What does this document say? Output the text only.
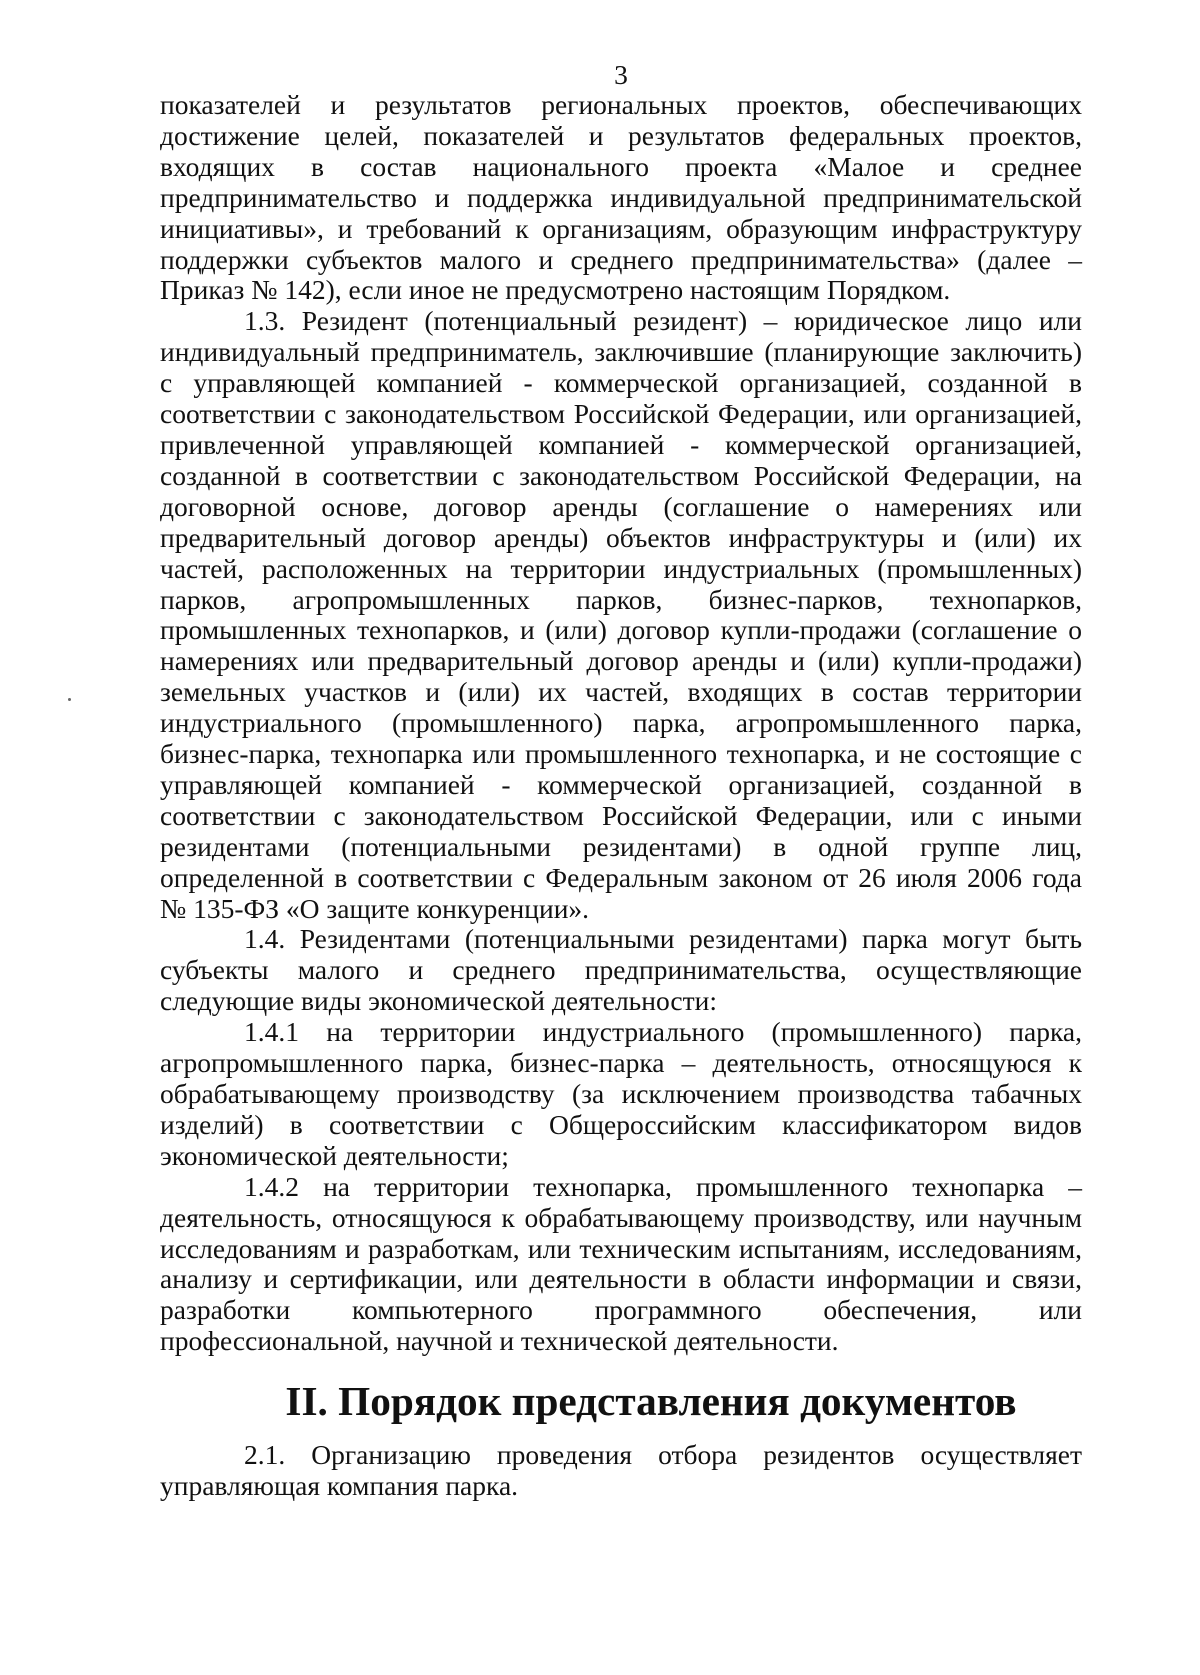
3

показателей и результатов региональных проектов, обеспечивающих достижение целей, показателей и результатов федеральных проектов, входящих в состав национального проекта «Малое и среднее предпринимательство и поддержка индивидуальной предпринимательской инициативы», и требований к организациям, образующим инфраструктуру поддержки субъектов малого и среднего предпринимательства» (далее – Приказ № 142), если иное не предусмотрено настоящим Порядком.

1.3. Резидент (потенциальный резидент) – юридическое лицо или индивидуальный предприниматель, заключившие (планирующие заключить) с управляющей компанией - коммерческой организацией, созданной в соответствии с законодательством Российской Федерации, или организацией, привлеченной управляющей компанией - коммерческой организацией, созданной в соответствии с законодательством Российской Федерации, на договорной основе, договор аренды (соглашение о намерениях или предварительный договор аренды) объектов инфраструктуры и (или) их частей, расположенных на территории индустриальных (промышленных) парков, агропромышленных парков, бизнес-парков, технопарков, промышленных технопарков, и (или) договор купли-продажи (соглашение о намерениях или предварительный договор аренды и (или) купли-продажи) земельных участков и (или) их частей, входящих в состав территории индустриального (промышленного) парка, агропромышленного парка, бизнес-парка, технопарка или промышленного технопарка, и не состоящие с управляющей компанией - коммерческой организацией, созданной в соответствии с законодательством Российской Федерации, или с иными резидентами (потенциальными резидентами) в одной группе лиц, определенной в соответствии с Федеральным законом от 26 июля 2006 года № 135-ФЗ «О защите конкуренции».

1.4. Резидентами (потенциальными резидентами) парка могут быть субъекты малого и среднего предпринимательства, осуществляющие следующие виды экономической деятельности:

1.4.1 на территории индустриального (промышленного) парка, агропромышленного парка, бизнес-парка – деятельность, относящуюся к обрабатывающему производству (за исключением производства табачных изделий) в соответствии с Общероссийским классификатором видов экономической деятельности;

1.4.2 на территории технопарка, промышленного технопарка – деятельность, относящуюся к обрабатывающему производству, или научным исследованиям и разработкам, или техническим испытаниям, исследованиям, анализу и сертификации, или деятельности в области информации и связи, разработки компьютерного программного обеспечения, или профессиональной, научной и технической деятельности.

II. Порядок представления документов

2.1. Организацию проведения отбора резидентов осуществляет управляющая компания парка.
